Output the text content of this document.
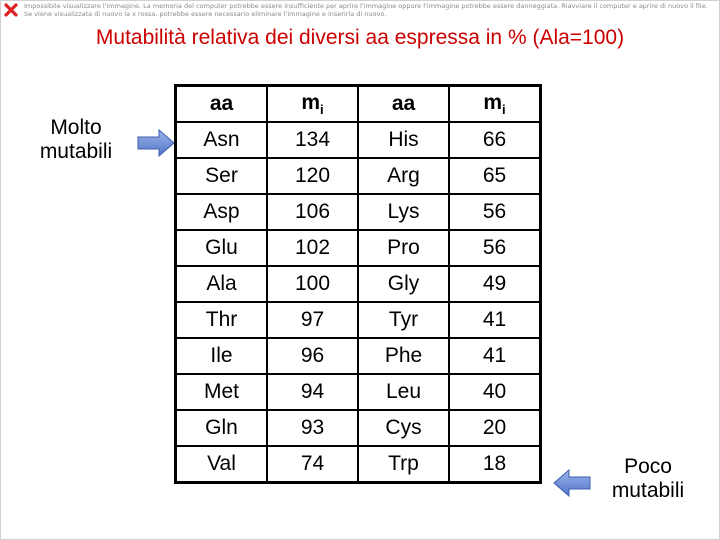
Impossibile visualizzare l'immagine. La memoria del computer potrebbe essere insufficiente per aprire l'immagine oppure l'immagine potrebbe essere danneggiata. Riavviare il computer e aprire di nuovo il file. Se viene visualizzata di nuovo la x rossa, potrebbe essere necessario eliminare l'immagine e inserirla di nuovo.
Mutabilità relativa dei diversi aa espressa in % (Ala=100)
Molto mutabili
Poco mutabili
aa	$m_i$	aa	$m_i$
Asn	134	His	66
Ser	120	Arg	65
Asp	106	Lys	56
Glu	102	Pro	56
Ala	100	Gly	49
Thr	97	Tyr	41
Ile	96	Phe	41
Met	94	Leu	40
Gln	93	Cys	20
Val	74	Trp	18
